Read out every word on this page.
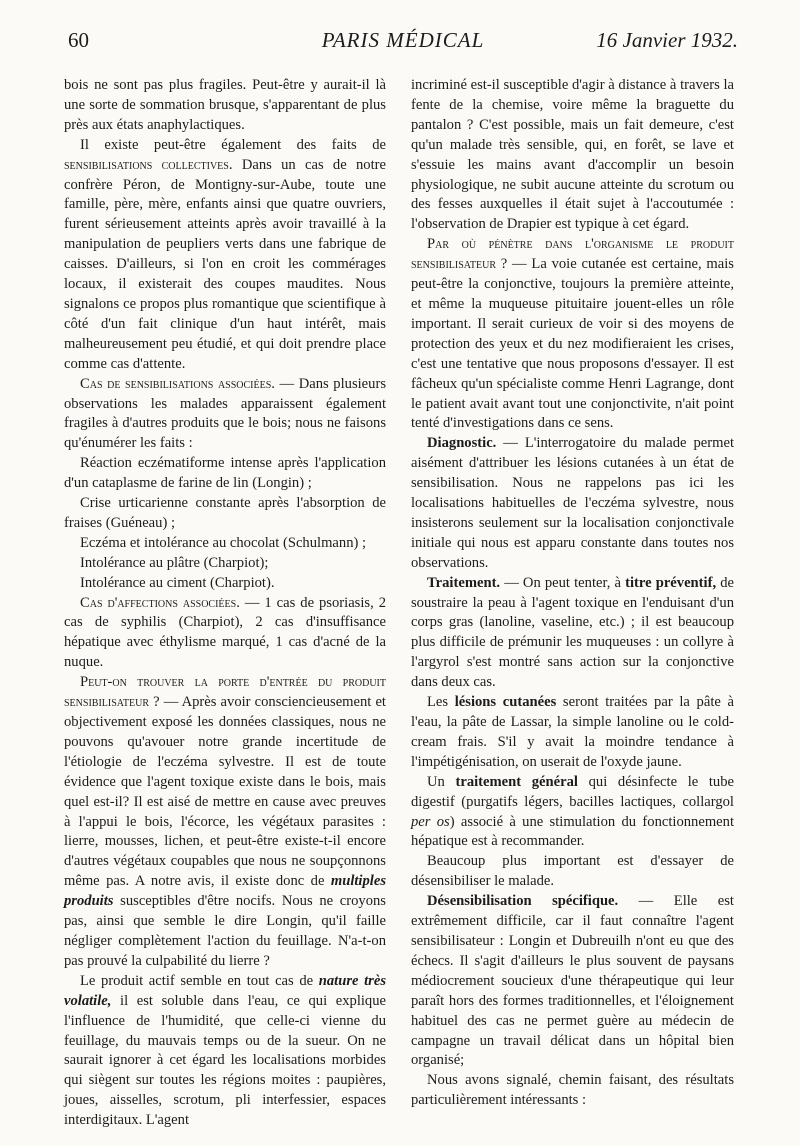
60	PARIS MÉDICAL	16 Janvier 1932.

bois ne sont pas plus fragiles. Peut-être y aurait-il là une sorte de sommation brusque, s'apparentant de plus près aux états anaphylactiques.

Il existe peut-être également des faits de sensibilisations collectives. Dans un cas de notre confrère Péron, de Montigny-sur-Aube, toute une famille, père, mère, enfants ainsi que quatre ouvriers, furent sérieusement atteints après avoir travaillé à la manipulation de peupliers verts dans une fabrique de caisses. D'ailleurs, si l'on en croit les commérages locaux, il existerait des coupes maudites. Nous signalons ce propos plus romantique que scientifique à côté d'un fait clinique d'un haut intérêt, mais malheureusement peu étudié, et qui doit prendre place comme cas d'attente.

Cas de sensibilisations associées. — Dans plusieurs observations les malades apparaissent également fragiles à d'autres produits que le bois; nous ne faisons qu'énumérer les faits :

Réaction eczématiforme intense après l'application d'un cataplasme de farine de lin (Longin) ;

Crise urticarienne constante après l'absorption de fraises (Guéneau) ;

Eczéma et intolérance au chocolat (Schulmann) ;

Intolérance au plâtre (Charpiot);

Intolérance au ciment (Charpiot).

Cas d'affections associées. — 1 cas de psoriasis, 2 cas de syphilis (Charpiot), 2 cas d'insuffisance hépatique avec éthylisme marqué, 1 cas d'acné de la nuque.

Peut-on trouver la porte d'entrée du produit sensibilisateur ? — Après avoir consciencieusement et objectivement exposé les données classiques, nous ne pouvons qu'avouer notre grande incertitude de l'étiologie de l'eczéma sylvestre. Il est de toute évidence que l'agent toxique existe dans le bois, mais quel est-il? Il est aisé de mettre en cause avec preuves à l'appui le bois, l'écorce, les végétaux parasites : lierre, mousses, lichen, et peut-être existe-t-il encore d'autres végétaux coupables que nous ne soupçonnons même pas. A notre avis, il existe donc de multiples produits susceptibles d'être nocifs. Nous ne croyons pas, ainsi que semble le dire Longin, qu'il faille négliger complètement l'action du feuillage. N'a-t-on pas prouvé la culpabilité du lierre ?

Le produit actif semble en tout cas de nature très volatile, il est soluble dans l'eau, ce qui explique l'influence de l'humidité, que celle-ci vienne du feuillage, du mauvais temps ou de la sueur. On ne saurait ignorer à cet égard les localisations morbides qui siègent sur toutes les régions moites : paupières, joues, aisselles, scrotum, pli interfessier, espaces interdigitaux. L'agent

incriminé est-il susceptible d'agir à distance à travers la fente de la chemise, voire même la braguette du pantalon ? C'est possible, mais un fait demeure, c'est qu'un malade très sensible, qui, en forêt, se lave et s'essuie les mains avant d'accomplir un besoin physiologique, ne subit aucune atteinte du scrotum ou des fesses auxquelles il était sujet à l'accoutumée : l'observation de Drapier est typique à cet égard.

Par où pénètre dans l'organisme le produit sensibilisateur ? — La voie cutanée est certaine, mais peut-être la conjonctive, toujours la première atteinte, et même la muqueuse pituitaire jouent-elles un rôle important. Il serait curieux de voir si des moyens de protection des yeux et du nez modifieraient les crises, c'est une tentative que nous proposons d'essayer. Il est fâcheux qu'un spécialiste comme Henri Lagrange, dont le patient avait avant tout une conjonctivite, n'ait point tenté d'investigations dans ce sens.

Diagnostic. — L'interrogatoire du malade permet aisément d'attribuer les lésions cutanées à un état de sensibilisation. Nous ne rappelons pas ici les localisations habituelles de l'eczéma sylvestre, nous insisterons seulement sur la localisation conjonctivale initiale qui nous est apparu constante dans toutes nos observations.

Traitement. — On peut tenter, à titre préventif, de soustraire la peau à l'agent toxique en l'enduisant d'un corps gras (lanoline, vaseline, etc.) ; il est beaucoup plus difficile de prémunir les muqueuses : un collyre à l'argyrol s'est montré sans action sur la conjonctive dans deux cas.

Les lésions cutanées seront traitées par la pâte à l'eau, la pâte de Lassar, la simple lanoline ou le cold-cream frais. S'il y avait la moindre tendance à l'impétigénisation, on userait de l'oxyde jaune.

Un traitement général qui désinfecte le tube digestif (purgatifs légers, bacilles lactiques, collargol per os) associé à une stimulation du fonctionnement hépatique est à recommander.

Beaucoup plus important est d'essayer de désensibiliser le malade.

Désensibilisation spécifique. — Elle est extrêmement difficile, car il faut connaître l'agent sensibilisateur : Longin et Dubreuilh n'ont eu que des échecs. Il s'agit d'ailleurs le plus souvent de paysans médiocrement soucieux d'une thérapeutique qui leur paraît hors des formes traditionnelles, et l'éloignement habituel des cas ne permet guère au médecin de campagne un travail délicat dans un hôpital bien organisé;

Nous avons signalé, chemin faisant, des résultats particulièrement intéressants :
